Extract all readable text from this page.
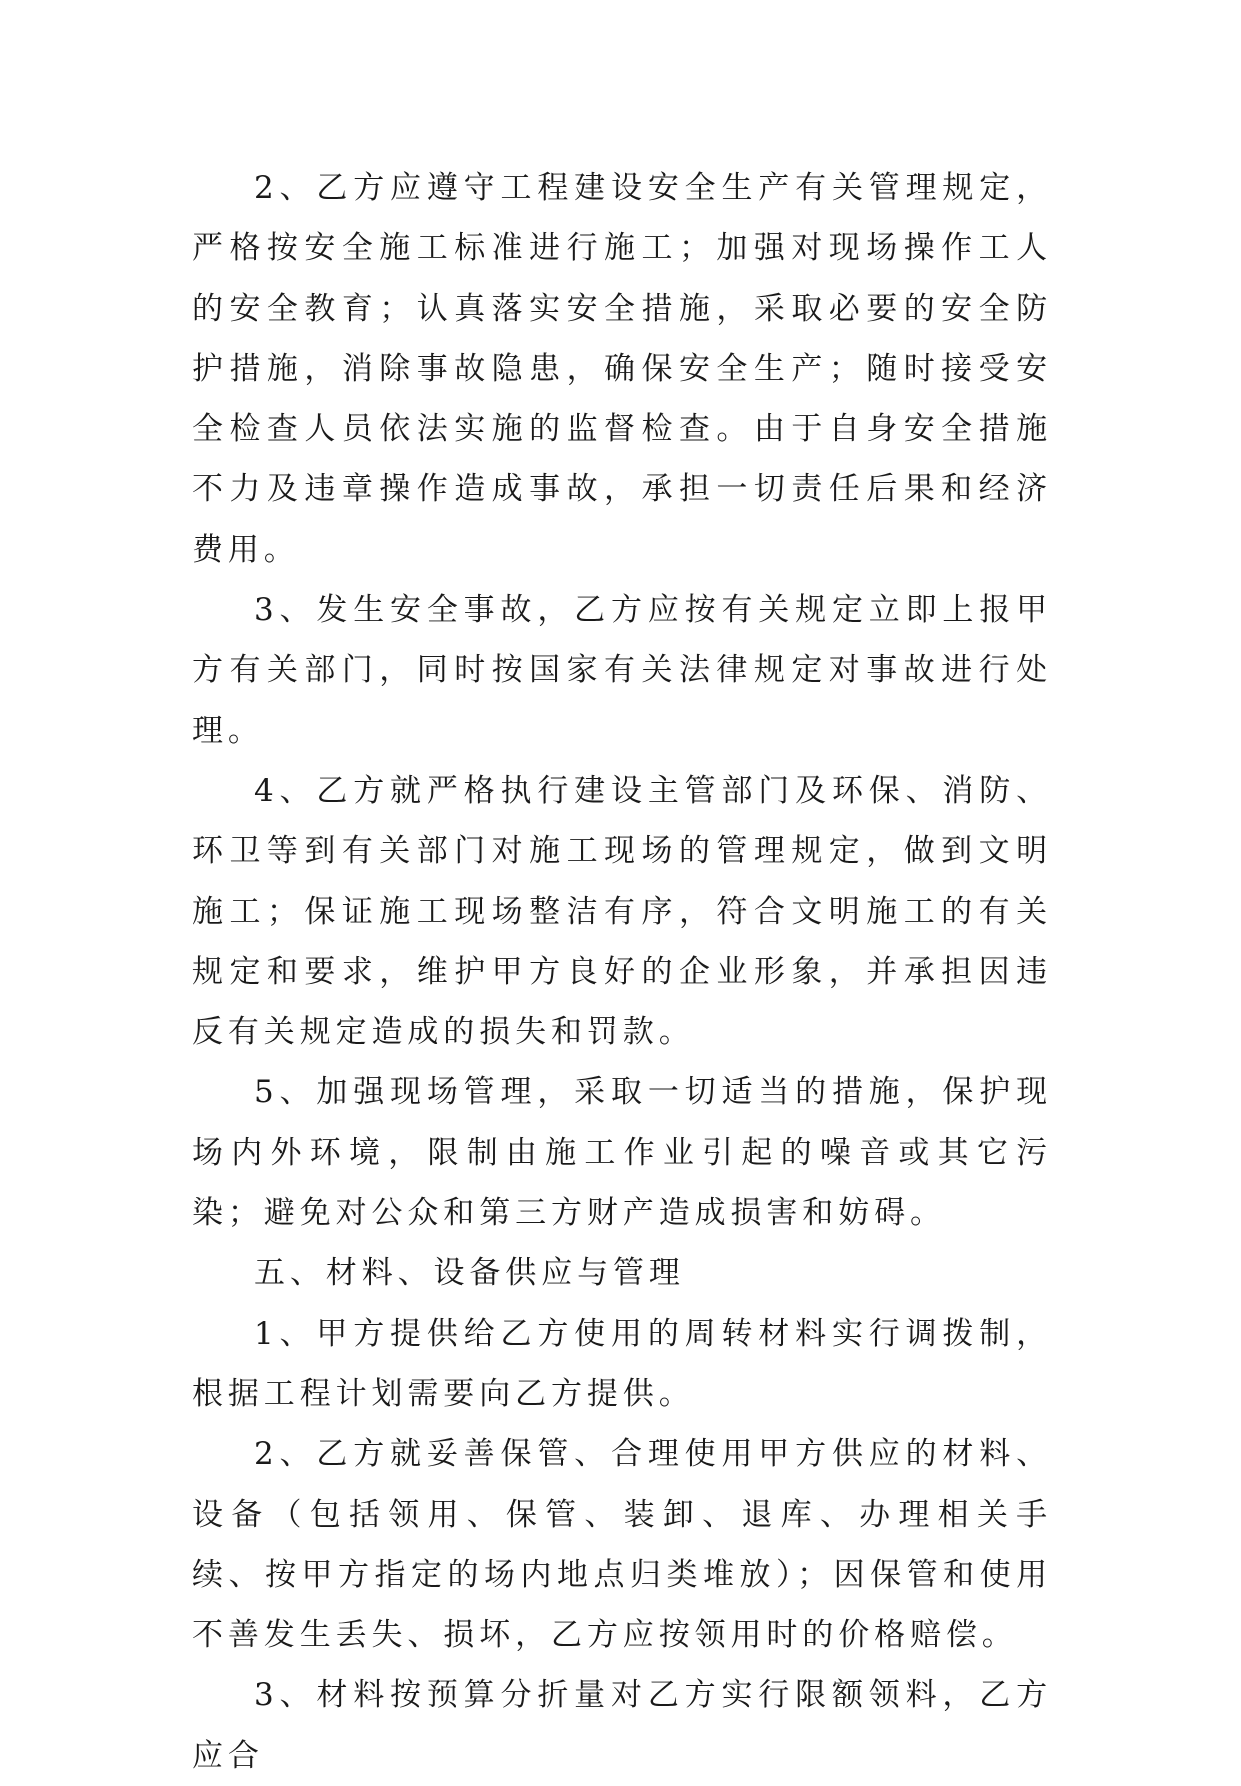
2、乙方应遵守工程建设安全生产有关管理规定，严格按安全施工标准进行施工；加强对现场操作工人的安全教育；认真落实安全措施，采取必要的安全防护措施，消除事故隐患，确保安全生产；随时接受安全检查人员依法实施的监督检查。由于自身安全措施不力及违章操作造成事故，承担一切责任后果和经济费用。

3、发生安全事故，乙方应按有关规定立即上报甲方有关部门，同时按国家有关法律规定对事故进行处理。

4、乙方就严格执行建设主管部门及环保、消防、环卫等到有关部门对施工现场的管理规定，做到文明施工；保证施工现场整洁有序，符合文明施工的有关规定和要求，维护甲方良好的企业形象，并承担因违反有关规定造成的损失和罚款。

5、加强现场管理，采取一切适当的措施，保护现场内外环境，限制由施工作业引起的噪音或其它污染；避免对公众和第三方财产造成损害和妨碍。

五、材料、设备供应与管理

1、甲方提供给乙方使用的周转材料实行调拨制，根据工程计划需要向乙方提供。

2、乙方就妥善保管、合理使用甲方供应的材料、设备（包括领用、保管、装卸、退库、办理相关手续、按甲方指定的场内地点归类堆放）；因保管和使用不善发生丢失、损坏，乙方应按领用时的价格赔偿。

3、材料按预算分折量对乙方实行限额领料，乙方应合
